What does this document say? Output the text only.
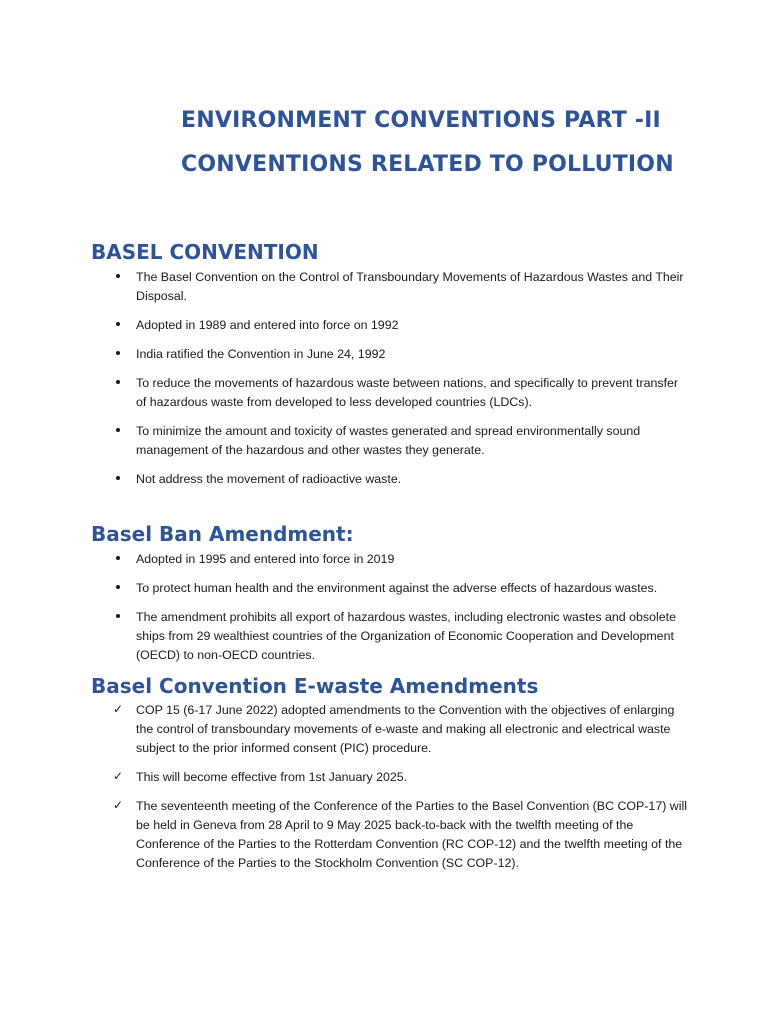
ENVIRONMENT CONVENTIONS PART -II
CONVENTIONS RELATED TO POLLUTION
BASEL CONVENTION
The Basel Convention on the Control of Transboundary Movements of Hazardous Wastes and Their Disposal.
Adopted in 1989 and entered into force on 1992
India ratified the Convention in June 24, 1992
To reduce the movements of hazardous waste between nations, and specifically to prevent transfer of hazardous waste from developed to less developed countries (LDCs).
To minimize the amount and toxicity of wastes generated and spread environmentally sound management of the hazardous and other wastes they generate.
Not address the movement of radioactive waste.
Basel Ban Amendment:
Adopted in 1995 and entered into force in 2019
To protect human health and the environment against the adverse effects of hazardous wastes.
The amendment prohibits all export of hazardous wastes, including electronic wastes and obsolete ships from 29 wealthiest countries of the Organization of Economic Cooperation and Development (OECD) to non-OECD countries.
Basel Convention E-waste Amendments
✓ COP 15 (6-17 June 2022) adopted amendments to the Convention with the objectives of enlarging the control of transboundary movements of e-waste and making all electronic and electrical waste subject to the prior informed consent (PIC) procedure.
✓ This will become effective from 1st January 2025.
✓ The seventeenth meeting of the Conference of the Parties to the Basel Convention (BC COP-17) will be held in Geneva from 28 April to 9 May 2025 back-to-back with the twelfth meeting of the Conference of the Parties to the Rotterdam Convention (RC COP-12) and the twelfth meeting of the Conference of the Parties to the Stockholm Convention (SC COP-12).
